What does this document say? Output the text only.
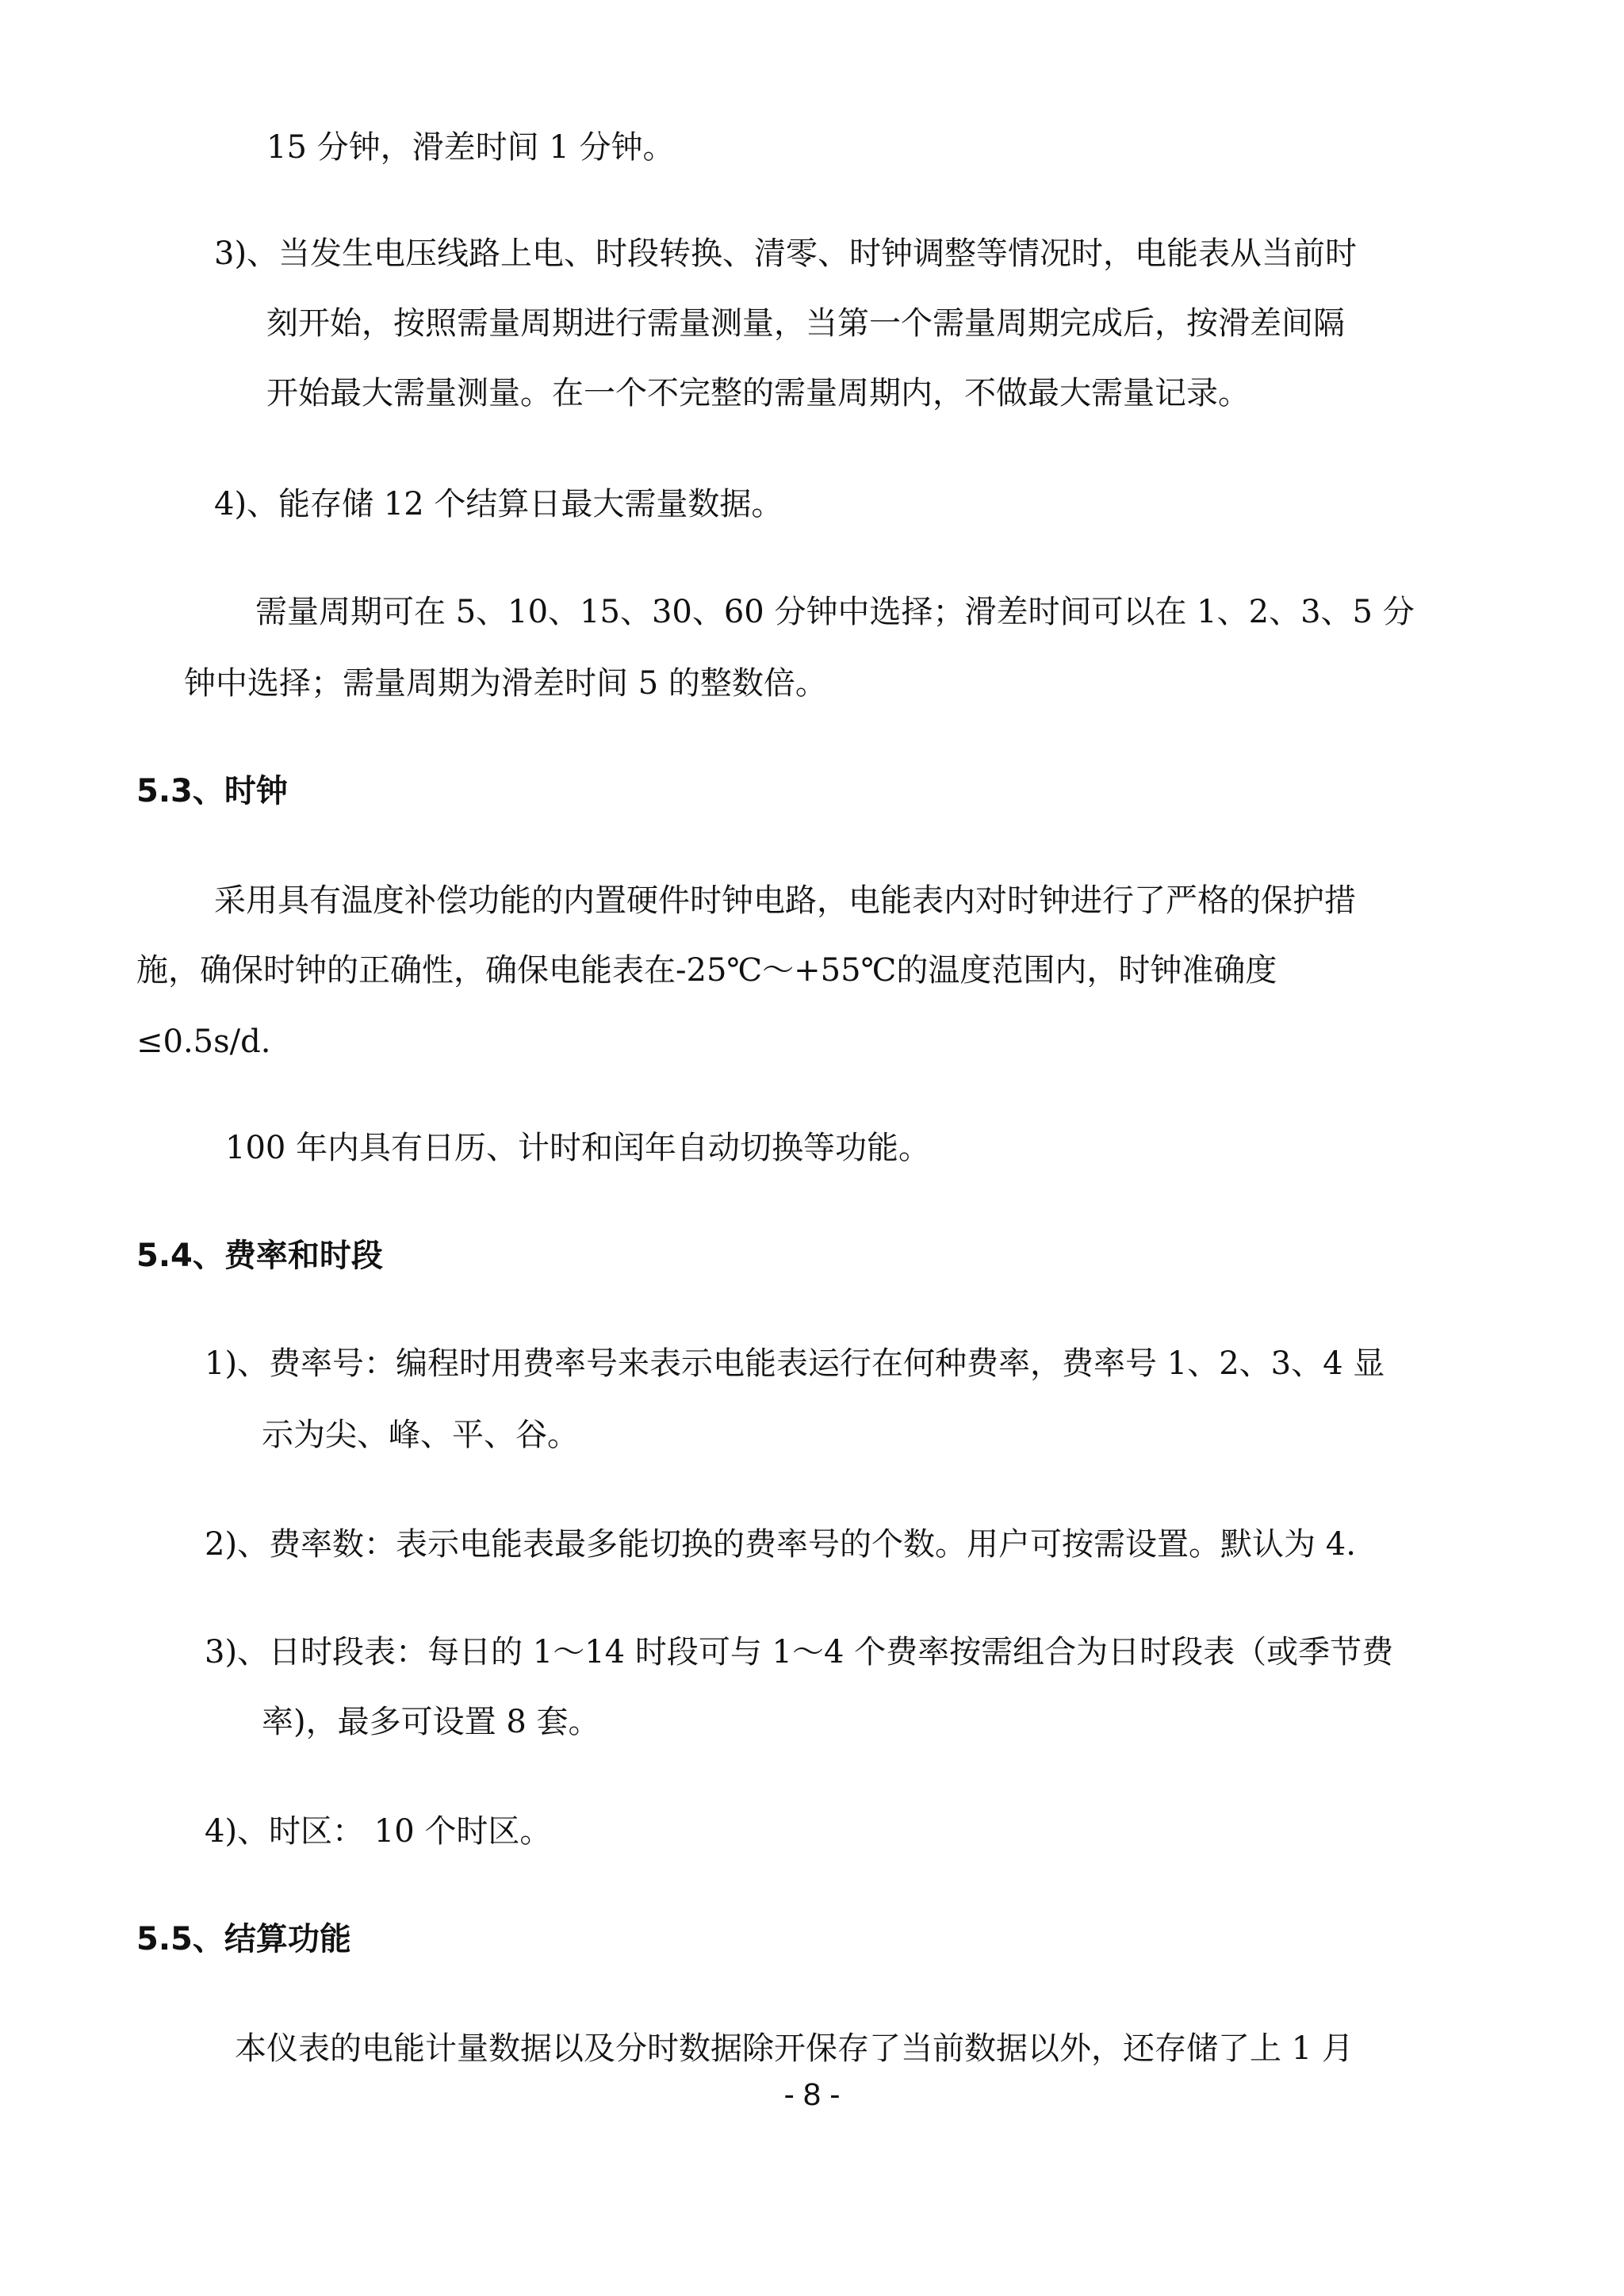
15 分钟，滑差时间 1 分钟。
3)、当发生电压线路上电、时段转换、清零、时钟调整等情况时，电能表从当前时
刻开始，按照需量周期进行需量测量，当第一个需量周期完成后，按滑差间隔
开始最大需量测量。在一个不完整的需量周期内，不做最大需量记录。
4)、能存储 12 个结算日最大需量数据。
需量周期可在 5、10、15、30、60 分钟中选择；滑差时间可以在 1、2、3、5 分
钟中选择；需量周期为滑差时间 5 的整数倍。
5.3、时钟
采用具有温度补偿功能的内置硬件时钟电路，电能表内对时钟进行了严格的保护措
施，确保时钟的正确性，确保电能表在-25℃～+55℃的温度范围内，时钟准确度
≤0.5s/d.
100 年内具有日历、计时和闰年自动切换等功能。
5.4、费率和时段
1)、费率号：编程时用费率号来表示电能表运行在何种费率，费率号 1、2、3、4 显
示为尖、峰、平、谷。
2)、费率数：表示电能表最多能切换的费率号的个数。用户可按需设置。默认为 4.
3)、日时段表：每日的 1～14 时段可与 1～4 个费率按需组合为日时段表（或季节费
率)，最多可设置 8 套。
4)、时区： 10 个时区。
5.5、结算功能
本仪表的电能计量数据以及分时数据除开保存了当前数据以外，还存储了上 1 月
- 8 -
